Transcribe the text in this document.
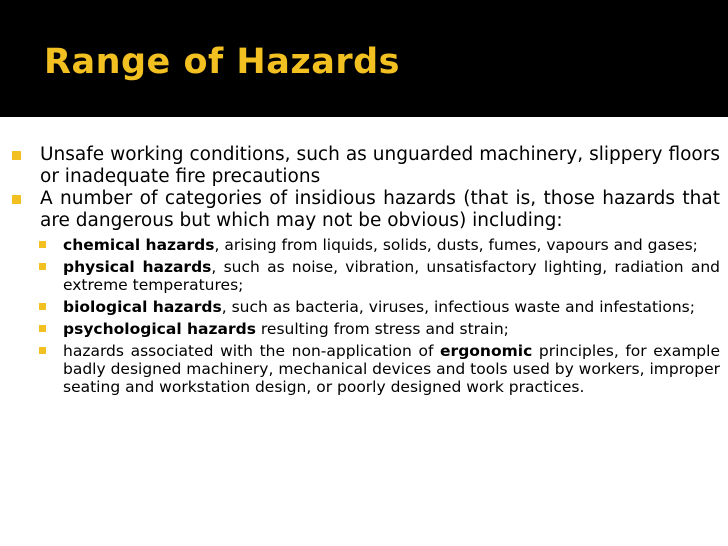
Range of Hazards
Unsafe working conditions, such as unguarded machinery, slippery floors or inadequate fire precautions
A number of categories of insidious hazards (that is, those hazards that are dangerous but which may not be obvious) including:
chemical hazards, arising from liquids, solids, dusts, fumes, vapours and gases;
physical hazards, such as noise, vibration, unsatisfactory lighting, radiation and extreme temperatures;
biological hazards, such as bacteria, viruses, infectious waste and infestations;
psychological hazards resulting from stress and strain;
hazards associated with the non-application of ergonomic principles, for example badly designed machinery, mechanical devices and tools used by workers, improper seating and workstation design, or poorly designed work practices.
